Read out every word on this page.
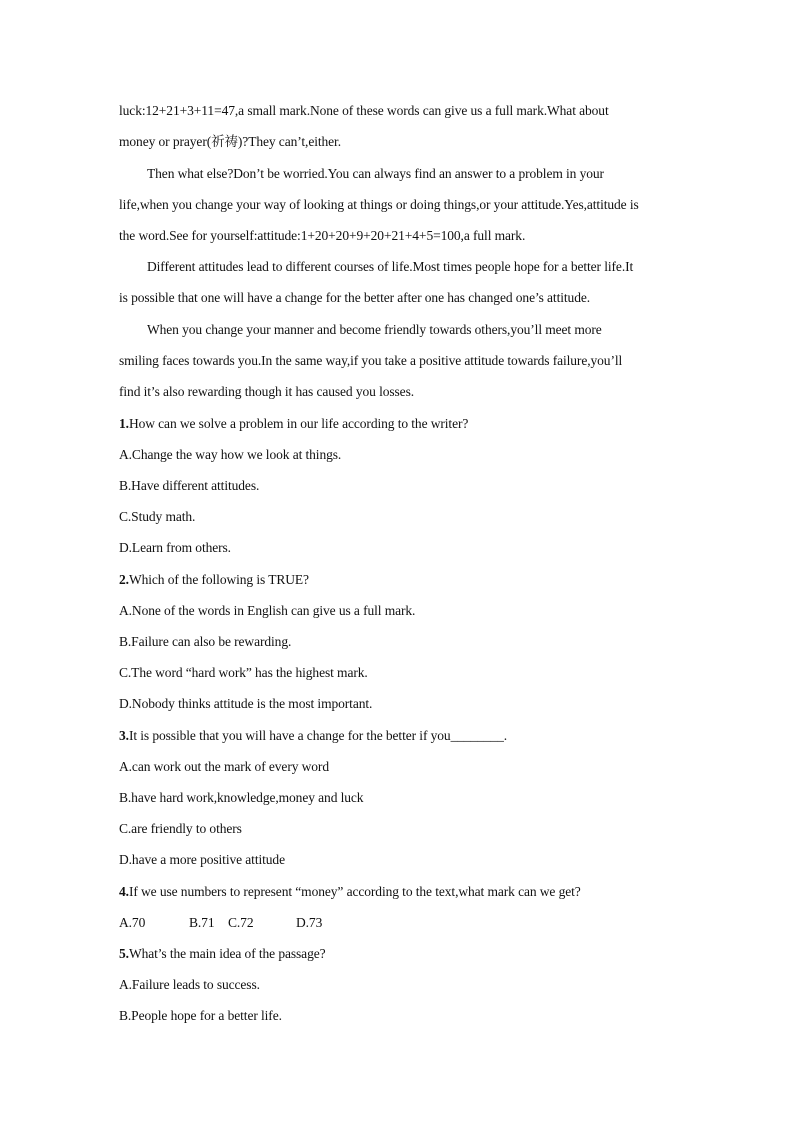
luck:12+21+3+11=47,a small mark.None of these words can give us a full mark.What about
money or prayer(祈祷)?They can’t,either.
Then what else?Don’t be worried.You can always find an answer to a problem in your
life,when you change your way of looking at things or doing things,or your attitude.Yes,attitude is
the word.See for yourself:attitude:1+20+20+9+20+21+4+5=100,a full mark.
Different attitudes lead to different courses of life.Most times people hope for a better life.It
is possible that one will have a change for the better after one has changed one’s attitude.
When you change your manner and become friendly towards others,you’ll meet more
smiling faces towards you.In the same way,if you take a positive attitude towards failure,you’ll
find it’s also rewarding though it has caused you losses.
1.How can we solve a problem in our life according to the writer?
A.Change the way how we look at things.
B.Have different attitudes.
C.Study math.
D.Learn from others.
2.Which of the following is TRUE?
A.None of the words in English can give us a full mark.
B.Failure can also be rewarding.
C.The word “hard work” has the highest mark.
D.Nobody thinks attitude is the most important.
3.It is possible that you will have a change for the better if you________.
A.can work out the mark of every word
B.have hard work,knowledge,money and luck
C.are friendly to others
D.have a more positive attitude
4.If we use numbers to represent “money” according to the text,what mark can we get?
A.70	B.71 C.72	D.73
5.What’s the main idea of the passage?
A.Failure leads to success.
B.People hope for a better life.
